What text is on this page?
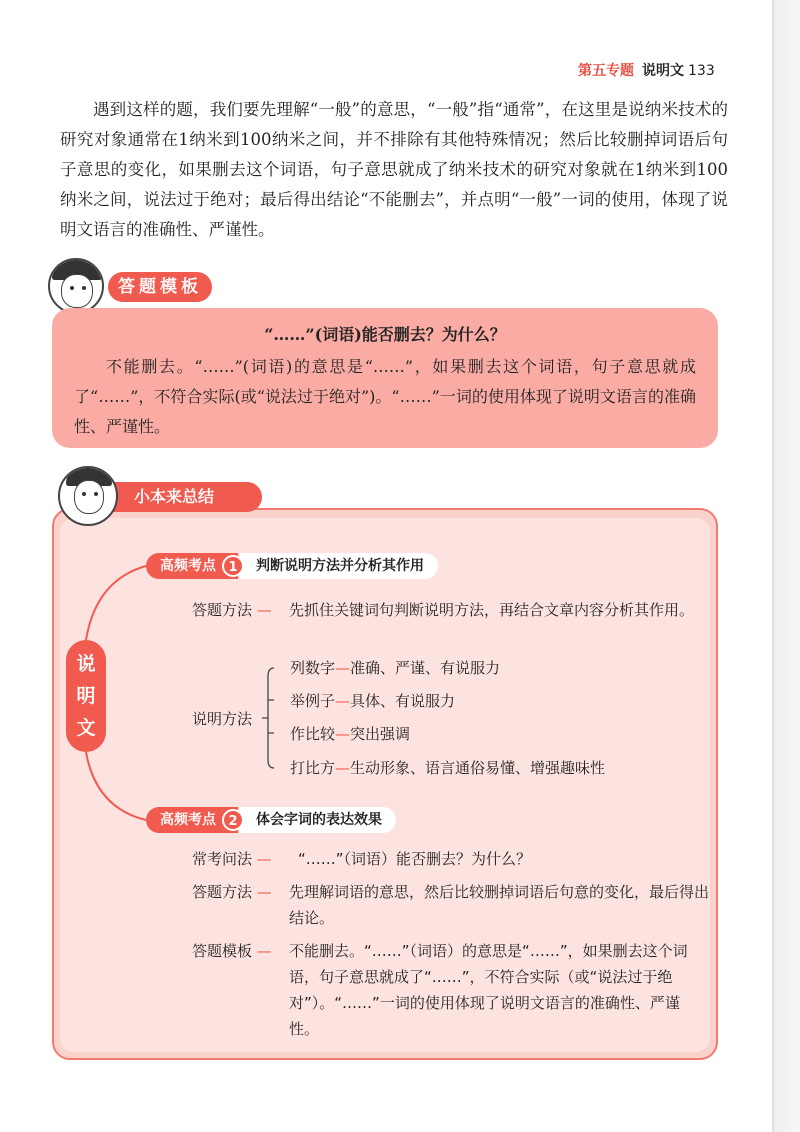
第五专题 说明文 133

遇到这样的题，我们要先理解“一般”的意思，“一般”指“通常”，在这里是说纳米技术的研究对象通常在1纳米到100纳米之间，并不排除有其他特殊情况；然后比较删掉词语后句子意思的变化，如果删去这个词语，句子意思就成了纳米技术的研究对象就在1纳米到100纳米之间，说法过于绝对；最后得出结论“不能删去”，并点明“一般”一词的使用，体现了说明文语言的准确性、严谨性。

答题模板

“……”(词语)能否删去？为什么？

不能删去。“……”(词语)的意思是“……”，如果删去这个词语，句子意思就成了“……”，不符合实际(或“说法过于绝对”)。“……”一词的使用体现了说明文语言的准确性、严谨性。

小本来总结
说
明
文
高频考点 1 判断说明方法并分析其作用
答题方法 — 先抓住关键词句判断说明方法，再结合文章内容分析其作用。
说明方法
列数字—准确、严谨、有说服力
举例子—具体、有说服力
作比较—突出强调
打比方—生动形象、语言通俗易懂、增强趣味性
高频考点 2 体会字词的表达效果
常考问法 — “……”（词语）能否删去？为什么？
答题方法 — 先理解词语的意思，然后比较删掉词语后句意的变化，最后得出结论。
答题模板 — 不能删去。“……”（词语）的意思是“……”，如果删去这个词语，句子意思就成了“……”，不符合实际（或“说法过于绝对”）。“……”一词的使用体现了说明文语言的准确性、严谨性。
